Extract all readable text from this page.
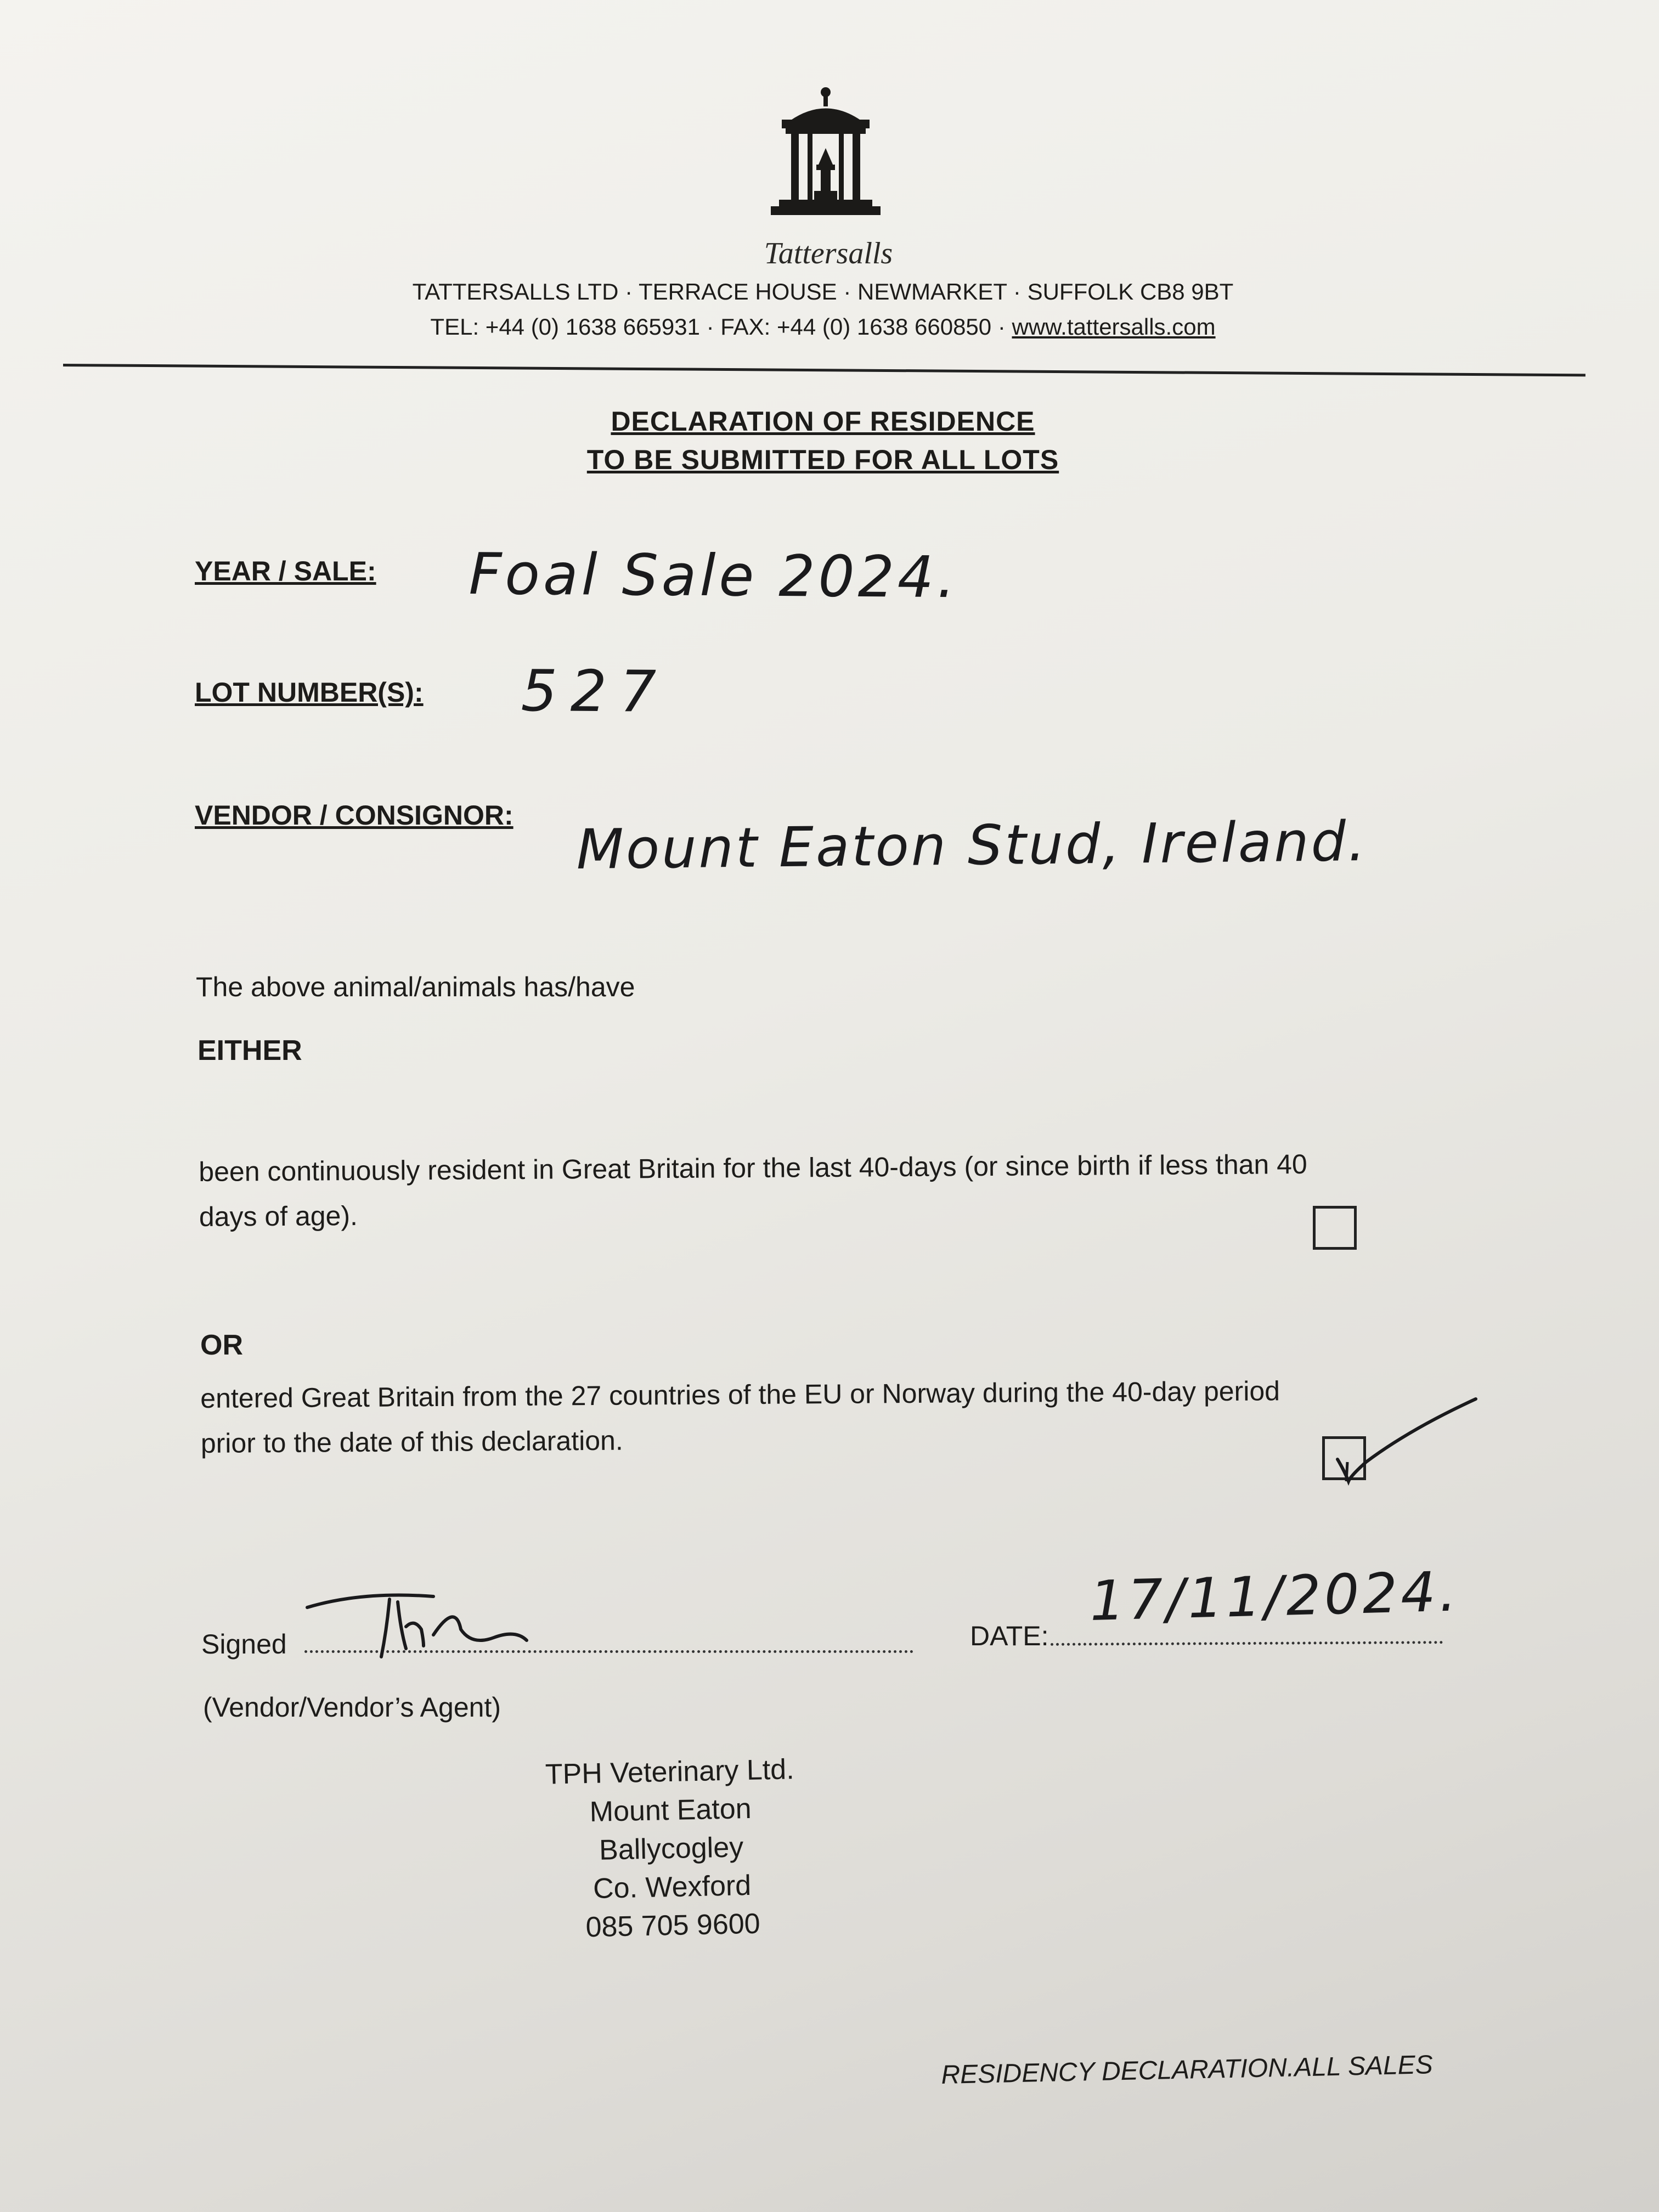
Tattersalls
TATTERSALLS LTD · TERRACE HOUSE · NEWMARKET · SUFFOLK CB8 9BT
TEL: +44 (0) 1638 665931 · FAX: +44 (0) 1638 660850 · www.tattersalls.com
DECLARATION OF RESIDENCE
TO BE SUBMITTED FOR ALL LOTS
YEAR / SALE: Foal Sale 2024.
LOT NUMBER(S): 527
VENDOR / CONSIGNOR: Mount Eaton Stud, Ireland.
The above animal/animals has/have
EITHER
been continuously resident in Great Britain for the last 40-days (or since birth if less than 40
days of age).
OR
entered Great Britain from the 27 countries of the EU or Norway during the 40-day period
prior to the date of this declaration.
Signed
(Vendor/Vendor’s Agent)
DATE:
17/11/2024.
TPH Veterinary Ltd.
Mount Eaton
Ballycogley
Co. Wexford
085 705 9600
RESIDENCY DECLARATION.ALL SALES
